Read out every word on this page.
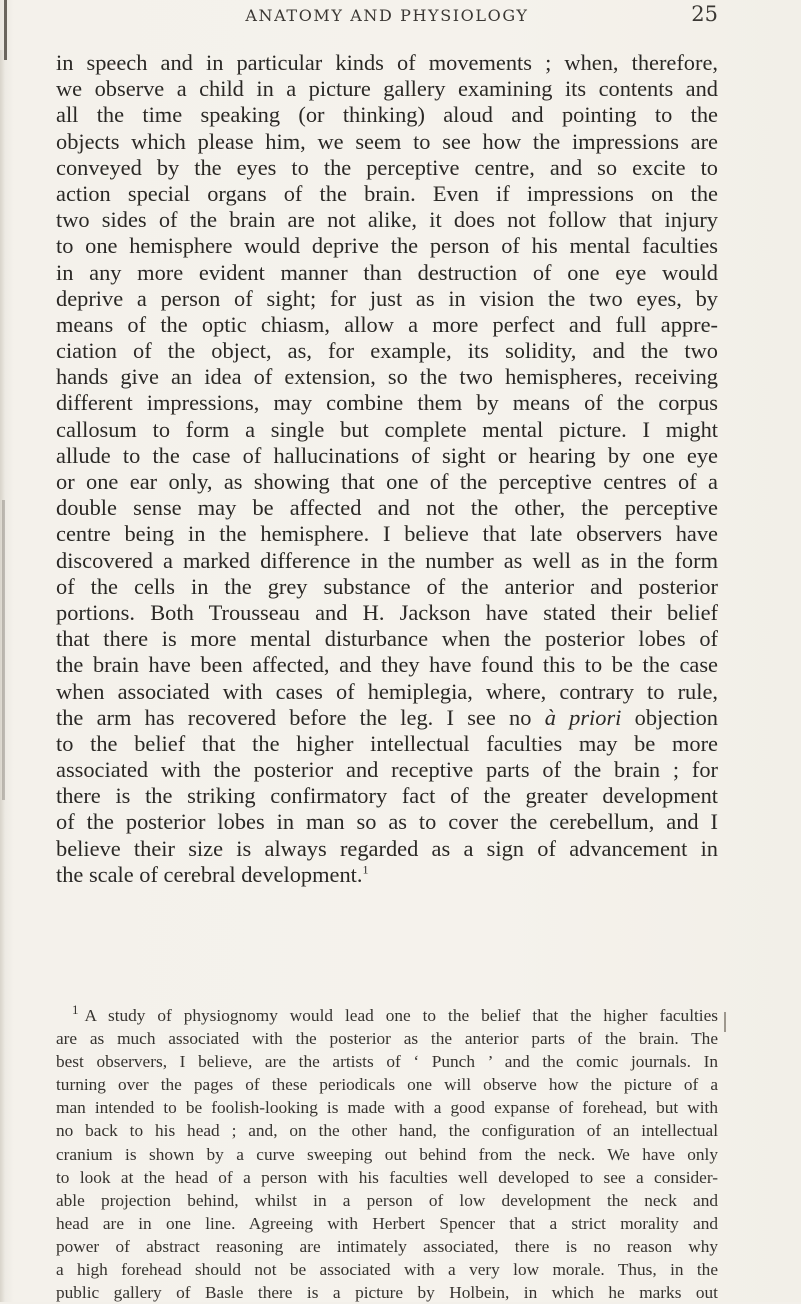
ANATOMY AND PHYSIOLOGY	25
in speech and in particular kinds of movements ; when, therefore,
we observe a child in a picture gallery examining its contents and
all the time speaking (or thinking) aloud and pointing to the
objects which please him, we seem to see how the impressions are
conveyed by the eyes to the perceptive centre, and so excite to
action special organs of the brain. Even if impressions on the
two sides of the brain are not alike, it does not follow that injury
to one hemisphere would deprive the person of his mental faculties
in any more evident manner than destruction of one eye would
deprive a person of sight; for just as in vision the two eyes, by
means of the optic chiasm, allow a more perfect and full appre-
ciation of the object, as, for example, its solidity, and the two
hands give an idea of extension, so the two hemispheres, receiving
different impressions, may combine them by means of the corpus
callosum to form a single but complete mental picture. I might
allude to the case of hallucinations of sight or hearing by one eye
or one ear only, as showing that one of the perceptive centres of a
double sense may be affected and not the other, the perceptive
centre being in the hemisphere. I believe that late observers have
discovered a marked difference in the number as well as in the form
of the cells in the grey substance of the anterior and posterior
portions. Both Trousseau and H. Jackson have stated their belief
that there is more mental disturbance when the posterior lobes of
the brain have been affected, and they have found this to be the case
when associated with cases of hemiplegia, where, contrary to rule,
the arm has recovered before the leg. I see no à priori objection
to the belief that the higher intellectual faculties may be more
associated with the posterior and receptive parts of the brain ; for
there is the striking confirmatory fact of the greater development
of the posterior lobes in man so as to cover the cerebellum, and I
believe their size is always regarded as a sign of advancement in
the scale of cerebral development.$^1$
$^1$ A study of physiognomy would lead one to the belief that the higher faculties
are as much associated with the posterior as the anterior parts of the brain. The
best observers, I believe, are the artists of ‘ Punch ’ and the comic journals. In
turning over the pages of these periodicals one will observe how the picture of a
man intended to be foolish-looking is made with a good expanse of forehead, but with
no back to his head ; and, on the other hand, the configuration of an intellectual
cranium is shown by a curve sweeping out behind from the neck. We have only
to look at the head of a person with his faculties well developed to see a consider-
able projection behind, whilst in a person of low development the neck and
head are in one line. Agreeing with Herbert Spencer that a strict morality and
power of abstract reasoning are intimately associated, there is no reason why
a high forehead should not be associated with a very low morale. Thus, in the
public gallery of Basle there is a picture by Holbein, in which he marks out
